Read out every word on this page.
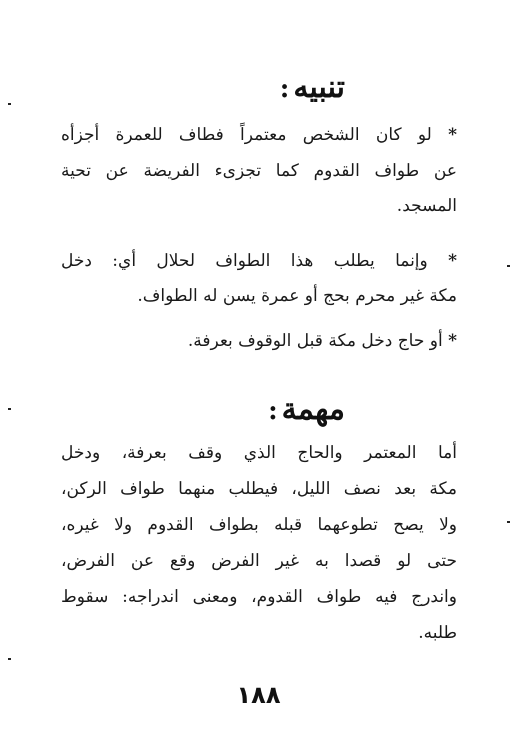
تنبيه:
* لو كان الشخص معتمراً فطاف للعمرة أجزأه
عن طواف القدوم كما تجزىء الفريضة عن تحية
المسجد.
* وإنما يطلب هذا الطواف لحلال أي: دخل
مكة غير محرم بحج أو عمرة يسن له الطواف.
* أو حاج دخل مكة قبل الوقوف بعرفة.
مهمة:
أما المعتمر والحاج الذي وقف بعرفة، ودخل
مكة بعد نصف الليل، فيطلب منهما طواف الركن،
ولا يصح تطوعهما قبله بطواف القدوم ولا غيره،
حتى لو قصدا به غير الفرض وقع عن الفرض،
واندرج فيه طواف القدوم، ومعنى اندراجه: سقوط
طلبه.
١٨٨
